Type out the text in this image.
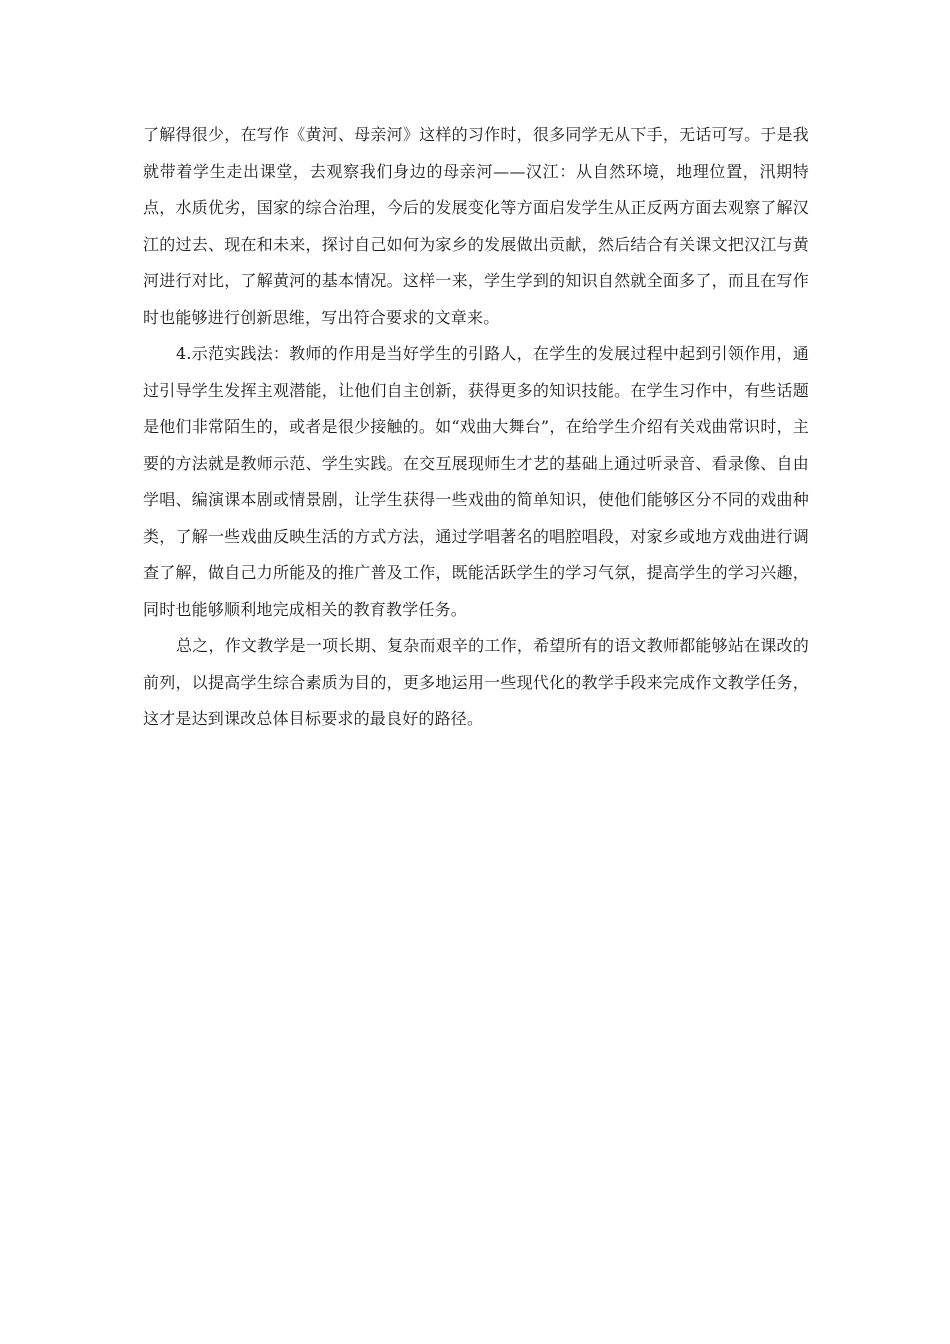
了解得很少，在写作《黄河、母亲河》这样的习作时，很多同学无从下手，无话可写。于是我就带着学生走出课堂，去观察我们身边的母亲河——汉江：从自然环境，地理位置，汛期特点，水质优劣，国家的综合治理，今后的发展变化等方面启发学生从正反两方面去观察了解汉江的过去、现在和未来，探讨自己如何为家乡的发展做出贡献，然后结合有关课文把汉江与黄河进行对比，了解黄河的基本情况。这样一来，学生学到的知识自然就全面多了，而且在写作时也能够进行创新思维，写出符合要求的文章来。

4.示范实践法：教师的作用是当好学生的引路人，在学生的发展过程中起到引领作用，通过引导学生发挥主观潜能，让他们自主创新，获得更多的知识技能。在学生习作中，有些话题是他们非常陌生的，或者是很少接触的。如“戏曲大舞台”，在给学生介绍有关戏曲常识时，主要的方法就是教师示范、学生实践。在交互展现师生才艺的基础上通过听录音、看录像、自由学唱、编演课本剧或情景剧，让学生获得一些戏曲的简单知识，使他们能够区分不同的戏曲种类，了解一些戏曲反映生活的方式方法，通过学唱著名的唱腔唱段，对家乡或地方戏曲进行调查了解，做自己力所能及的推广普及工作，既能活跃学生的学习气氛，提高学生的学习兴趣，同时也能够顺利地完成相关的教育教学任务。

总之，作文教学是一项长期、复杂而艰辛的工作，希望所有的语文教师都能够站在课改的前列，以提高学生综合素质为目的，更多地运用一些现代化的教学手段来完成作文教学任务，这才是达到课改总体目标要求的最良好的路径。
